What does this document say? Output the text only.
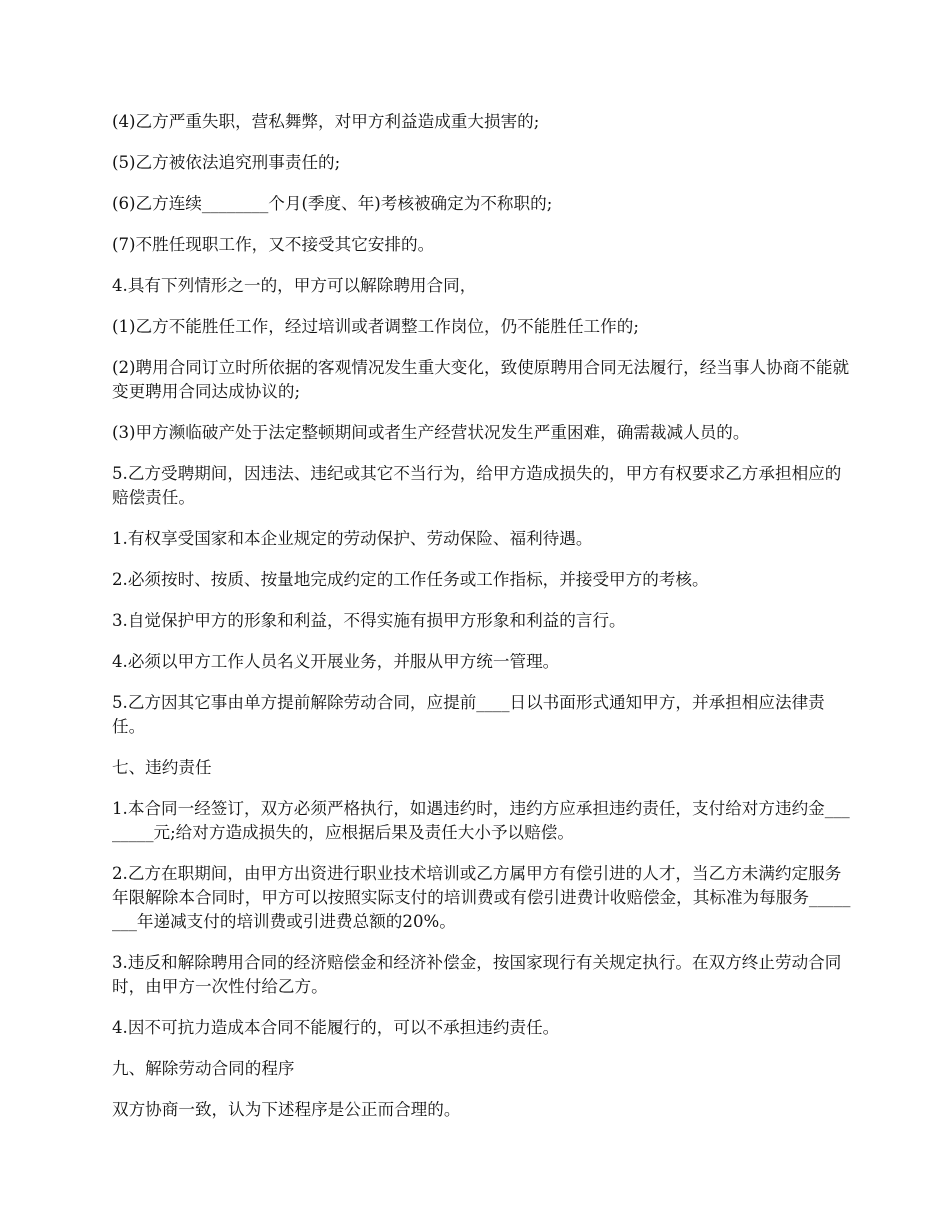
(4)乙方严重失职，营私舞弊，对甲方利益造成重大损害的;

(5)乙方被依法追究刑事责任的;

(6)乙方连续________个月(季度、年)考核被确定为不称职的;

(7)不胜任现职工作，又不接受其它安排的。

4.具有下列情形之一的，甲方可以解除聘用合同，

(1)乙方不能胜任工作，经过培训或者调整工作岗位，仍不能胜任工作的;

(2)聘用合同订立时所依据的客观情况发生重大变化，致使原聘用合同无法履行，经当事人协商不能就变更聘用合同达成协议的;

(3)甲方濒临破产处于法定整顿期间或者生产经营状况发生严重困难，确需裁减人员的。

5.乙方受聘期间，因违法、违纪或其它不当行为，给甲方造成损失的，甲方有权要求乙方承担相应的赔偿责任。

1.有权享受国家和本企业规定的劳动保护、劳动保险、福利待遇。

2.必须按时、按质、按量地完成约定的工作任务或工作指标，并接受甲方的考核。

3.自觉保护甲方的形象和利益，不得实施有损甲方形象和利益的言行。

4.必须以甲方工作人员名义开展业务，并服从甲方统一管理。

5.乙方因其它事由单方提前解除劳动合同，应提前____日以书面形式通知甲方，并承担相应法律责任。

七、违约责任

1.本合同一经签订，双方必须严格执行，如遇违约时，违约方应承担违约责任，支付给对方违约金________元;给对方造成损失的，应根据后果及责任大小予以赔偿。

2.乙方在职期间，由甲方出资进行职业技术培训或乙方属甲方有偿引进的人才，当乙方未满约定服务年限解除本合同时，甲方可以按照实际支付的培训费或有偿引进费计收赔偿金，其标准为每服务________年递减支付的培训费或引进费总额的20%。

3.违反和解除聘用合同的经济赔偿金和经济补偿金，按国家现行有关规定执行。在双方终止劳动合同时，由甲方一次性付给乙方。

4.因不可抗力造成本合同不能履行的，可以不承担违约责任。

九、解除劳动合同的程序

双方协商一致，认为下述程序是公正而合理的。
